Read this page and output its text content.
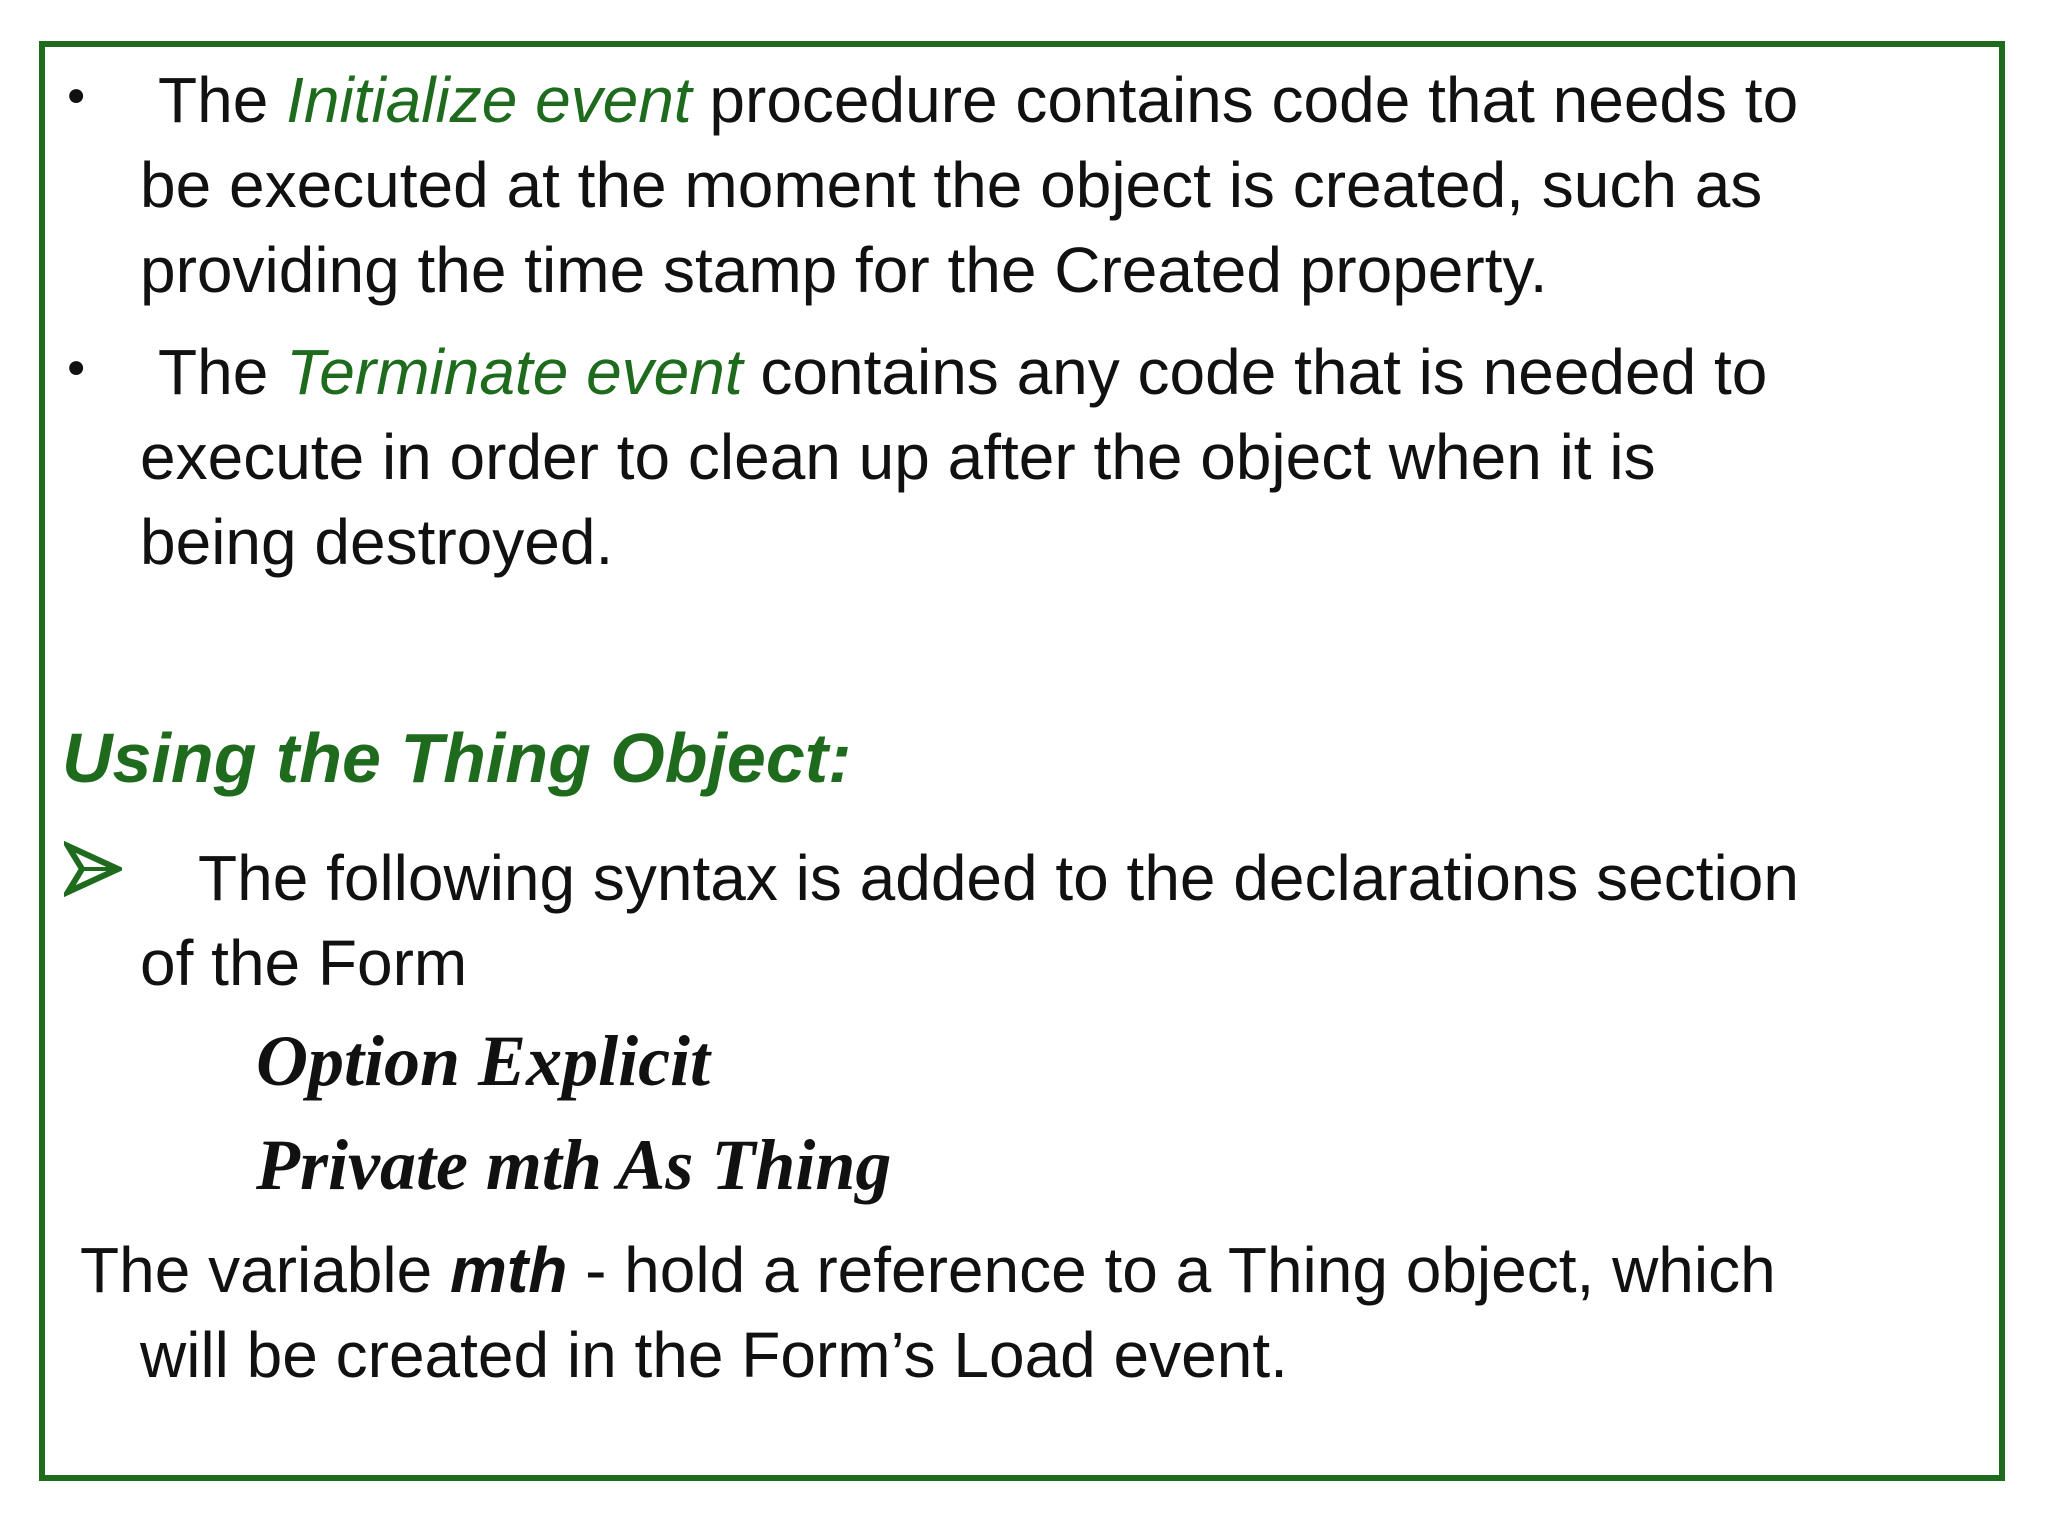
• The Initialize event procedure contains code that needs to
be executed at the moment the object is created, such as
providing the time stamp for the Created property.
• The Terminate event contains any code that is needed to
execute in order to clean up after the object when it is
being destroyed.
Using the Thing Object:
The following syntax is added to the declarations section
of the Form
Option Explicit
Private mth As Thing
The variable mth - hold a reference to a Thing object, which
will be created in the Form’s Load event.
